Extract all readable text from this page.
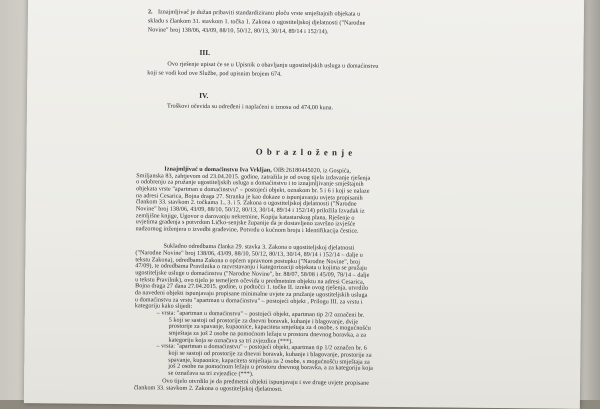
2. Iznajmljivač je dužan pribaviti standardiziranu ploču vrste smještajnih objekata u
skladu s člankom 31. stavkom 1. točka 1. Zakona o ugostiteljskoj djelatnosti ("Narodne
Novine" broj 138/06, 43/09, 88/10, 50/12, 80/13, 30/14, 89/14 i 152/14).
III.
Ovo rješenje upisat će se u Upisnik o obavljanju ugostiteljskih usluga u domaćinstvu
koji se vodi kod ove Službe, pod upisnim brojem 674.
IV.
Troškovi očevida su određeni i naplaćeni u iznosu od 474,00 kuna.
O b r a z l o ž e n j e
Iznajmljivač u domaćinstvu Iva Vrkljan, OIB:26180445020, iz Gospića,
Smiljanska 83, zahtjevom od 23.04.2015. godine, zatražila je od ovog tijela izdavanje rješenja
o odobrenju za pružanje ugostiteljskih usluga u domaćinstvu i to iznajmljivanje smještajnih
objekata vrste "apartman u domaćinstvu" – postojeći objekt, oznakom br. 5 i 6 i koji se nalaze
na adresi Cesarica, Bojna draga 27. Stranka je kao dokaze o ispunjavanju uvjeta propisanih
člankom 33. stavkom 2. točkama 1., 3. i 5. Zakona o ugostiteljskoj djelatnosti ("Narodne
Novine" broj 138/06, 43/09, 88/10, 50/12, 80/13, 30/14, 89/14 i 152/14) priložila Izvadak iz
zemljišne knjige, Ugovor o darovanju nekretnine, Kopija katastarskog plana, Rješenje o
uvjetima građenja s potvrdom Ličko-senjske županije da je dostavljeno završno izvješće
nadzornog inženjera o izvedbi građevine, Potvrdu o kućnom broju i Identifikacija čestice.
Sukladno odredbama članka 29. stavka 3. Zakona o ugostiteljskoj djelatnosti
("Narodne Novine" broj 138/06, 43/09, 88/10, 50/12, 80/13, 30/14, 89/14 i 152/14 – dalje u
tekstu Zakona), odredbama Zakona o općem upravnom postupku ("Narodne Novine", broj
47/09), te odredbama Pravilnika o razvrstavanju i kategorizaciji objekata u kojima se pružaju
ugostiteljske usluge u domaćinstvu ("Narodne Novine", br. 88/07, 58/08 i 45/09, 78/14 – dalje
u tekstu Pravilnik), ovo tijelo je temeljem očevida u predmetnim objektu na adresi Cesarica,
Bojna draga 27 dana 27.04.2015. godine, u podtočci 1. točke II. izreke ovog rješenja, utvrdilo
da navedeni objekti ispunjavaju propisane minimalne uvjete za pružanje ugostiteljskih usluga
u domaćinstvu za vrstu "apartman u domaćinstvu" – postojeći objekt , Prilogu III. za vrstu i
kategoriju kako slijedi:
– vrsta: "apartman u domaćinstvu" – postojeći objekt, apartman tip 2/2 označeni br.
5 koji se sastoji od prostorije za dnevni boravak, kuhanje i blagovanje, dvije
prostorije za spavanje, kupaonice, kapaciteta smještaja za 4 osobe, s mogućnošću
smještaja za još 2 osobe na pomoćnom ležaju u prostoru dnevnog boravka, a za
kategoriju koja se označava sa tri zvjezdice (***).
– vrsta: "apartman u domaćinstvu" – postojeći objekt, apartman tip 1/2 označen br. 6
koji se sastoji od prostorije za dnevni boravak, kuhanje i blagovanje, prostorije za
spavanje, kupaonice, kapaciteta smještaja za 2 osobe, s mogućnošću smještaja za
još 2 osobe na pomoćnom ležaju u prostoru dnevnog boravka, a za kategoriju koja
se označava sa tri zvjezdice (***).
Ovo tijelo utvrdilo je da predmetni objekti ispunjavaju i sve druge uvjete propisane
člankom 33. stavkom 2. Zakona o ugostiteljskoj djelatnosti.
